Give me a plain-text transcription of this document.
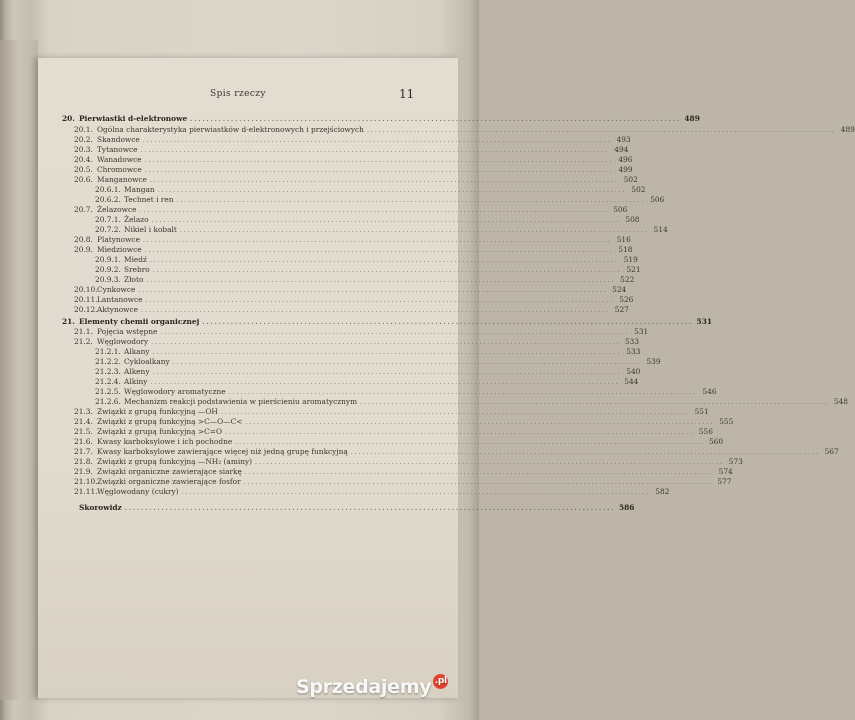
Spis rzeczy	11
20. Pierwiastki d-elektronowe ........................................................................................................................ 489
20.1. Ogólna charakterystyka pierwiastków d-elektronowych i przejściowych ........................................................................................................................ 489
20.2. Skandowce ........................................................................................................................ 493
20.3. Tytanowce ........................................................................................................................ 494
20.4. Wanadowce ........................................................................................................................ 496
20.5. Chromowce ........................................................................................................................ 499
20.6. Manganowce ........................................................................................................................ 502
20.6.1. Mangan ........................................................................................................................ 502
20.6.2. Technet i ren ........................................................................................................................ 506
20.7. Żelazowce ........................................................................................................................ 506
20.7.1. Żelazo ........................................................................................................................ 508
20.7.2. Nikiel i kobalt ........................................................................................................................ 514
20.8. Platynowce ........................................................................................................................ 516
20.9. Miedziowce ........................................................................................................................ 518
20.9.1. Miedź ........................................................................................................................ 519
20.9.2. Srebro ........................................................................................................................ 521
20.9.3. Złoto ........................................................................................................................ 522
20.10. Cynkowce ........................................................................................................................ 524
20.11. Lantanowce ........................................................................................................................ 526
20.12. Aktynowce ........................................................................................................................ 527
21. Elementy chemii organicznej ........................................................................................................................ 531
21.1. Pojęcia wstępne ........................................................................................................................ 531
21.2. Węglowodory ........................................................................................................................ 533
21.2.1. Alkany ........................................................................................................................ 533
21.2.2. Cykloalkany ........................................................................................................................ 539
21.2.3. Alkeny ........................................................................................................................ 540
21.2.4. Alkiny ........................................................................................................................ 544
21.2.5. Węglowodory aromatyczne ........................................................................................................................ 546
21.2.6. Mechanizm reakcji podstawienia w pierścieniu aromatycznym ........................................................................................................................ 548
21.3. Związki z grupą funkcyjną —OH ........................................................................................................................ 551
21.4. Związki z grupą funkcyjną >C—O—C< ........................................................................................................................ 555
21.5. Związki z grupą funkcyjną >C=O ........................................................................................................................ 556
21.6. Kwasy karboksylowe i ich pochodne ........................................................................................................................ 560
21.7. Kwasy karboksylowe zawierające więcej niż jedną grupę funkcyjną ........................................................................................................................ 567
21.8. Związki z grupą funkcyjną —NH₂ (aminy) ........................................................................................................................ 573
21.9. Związki organiczne zawierające siarkę ........................................................................................................................ 574
21.10. Związki organiczne zawierające fosfor ........................................................................................................................ 577
21.11. Węglowodany (cukry) ........................................................................................................................ 582
Skorowidz ........................................................................................................................ 586
Sprzedajemy .pl
